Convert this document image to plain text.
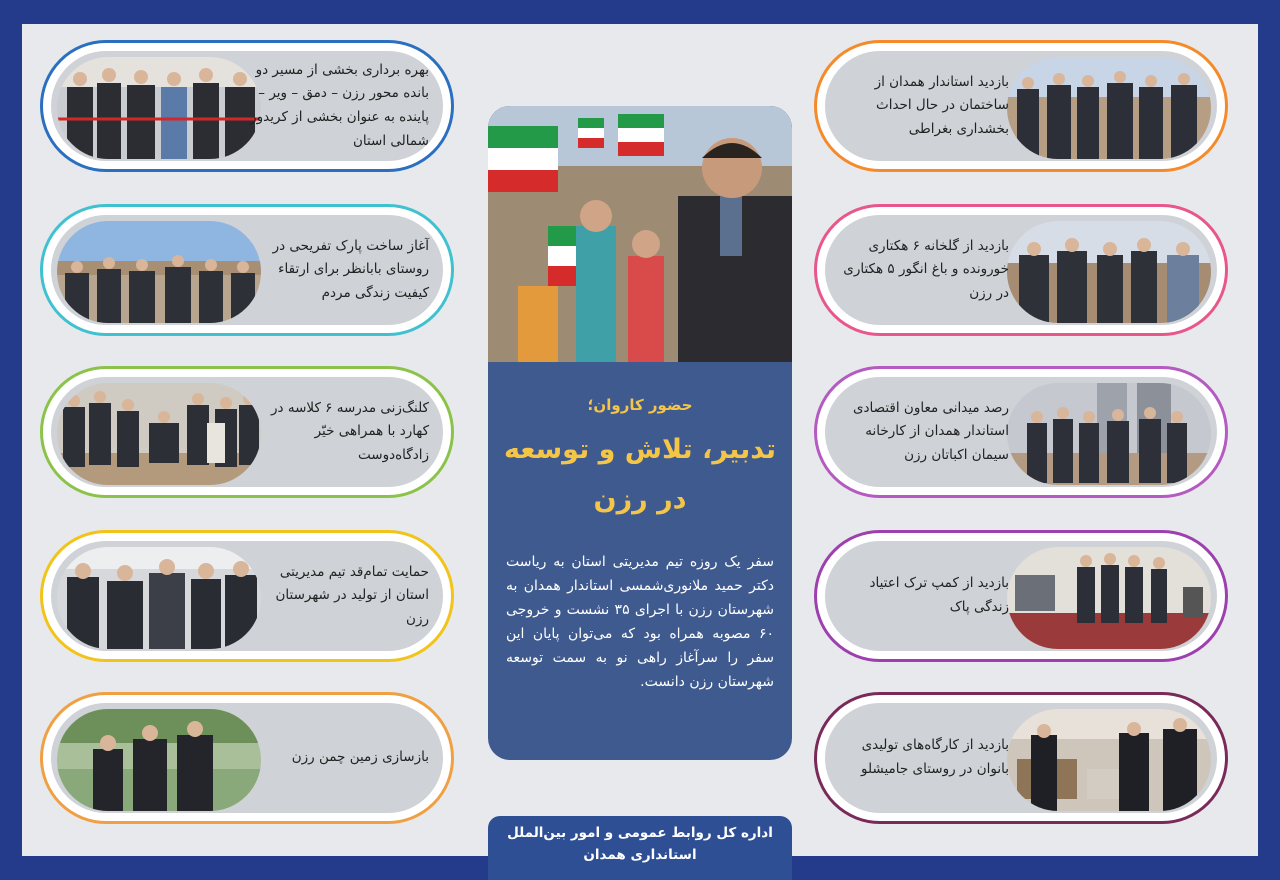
بهره برداری بخشی از مسیر دو بانده محور رزن – دمق – ویر – پاینده به عنوان بخشی از کریدور شمالی استان
آغاز ساخت پارک تفریحی در روستای بابانظر برای ارتقاء کیفیت زندگی مردم
کلنگ‌زنی مدرسه ۶ کلاسه در کهارد با همراهی خیّر زادگاه‌دوست
حمایت تمام‌قد تیم مدیریتی استان از تولید در شهرستان رزن
بازسازی زمین چمن رزن
بازدید استاندار همدان از ساختمان در حال احداث بخشداری بغراطی
بازدید از گلخانه ۶ هکتاری خورونده و باغ انگور ۵ هکتاری در رزن
رصد میدانی معاون اقتصادی استاندار همدان از کارخانه سیمان اکباتان رزن
بازدید از کمپ ترک اعتیاد زندگی پاک
بازدید از کارگاه‌های تولیدی بانوان در روستای جامیشلو
حضور کاروان؛
تدبیر، تلاش و توسعه
در رزن
سفر یک روزه تیم مدیریتی استان به ریاست دکتر حمید ملانوری‌شمسی استاندار همدان به شهرستان رزن با اجرای ۳۵ نشست و خروجی ۶۰ مصوبه همراه بود که می‌توان پایان این سفر را سرآغاز راهی نو به سمت توسعه شهرستان رزن دانست.
اداره کل روابط عمومی و امور بین‌الملل
استانداری همدان
